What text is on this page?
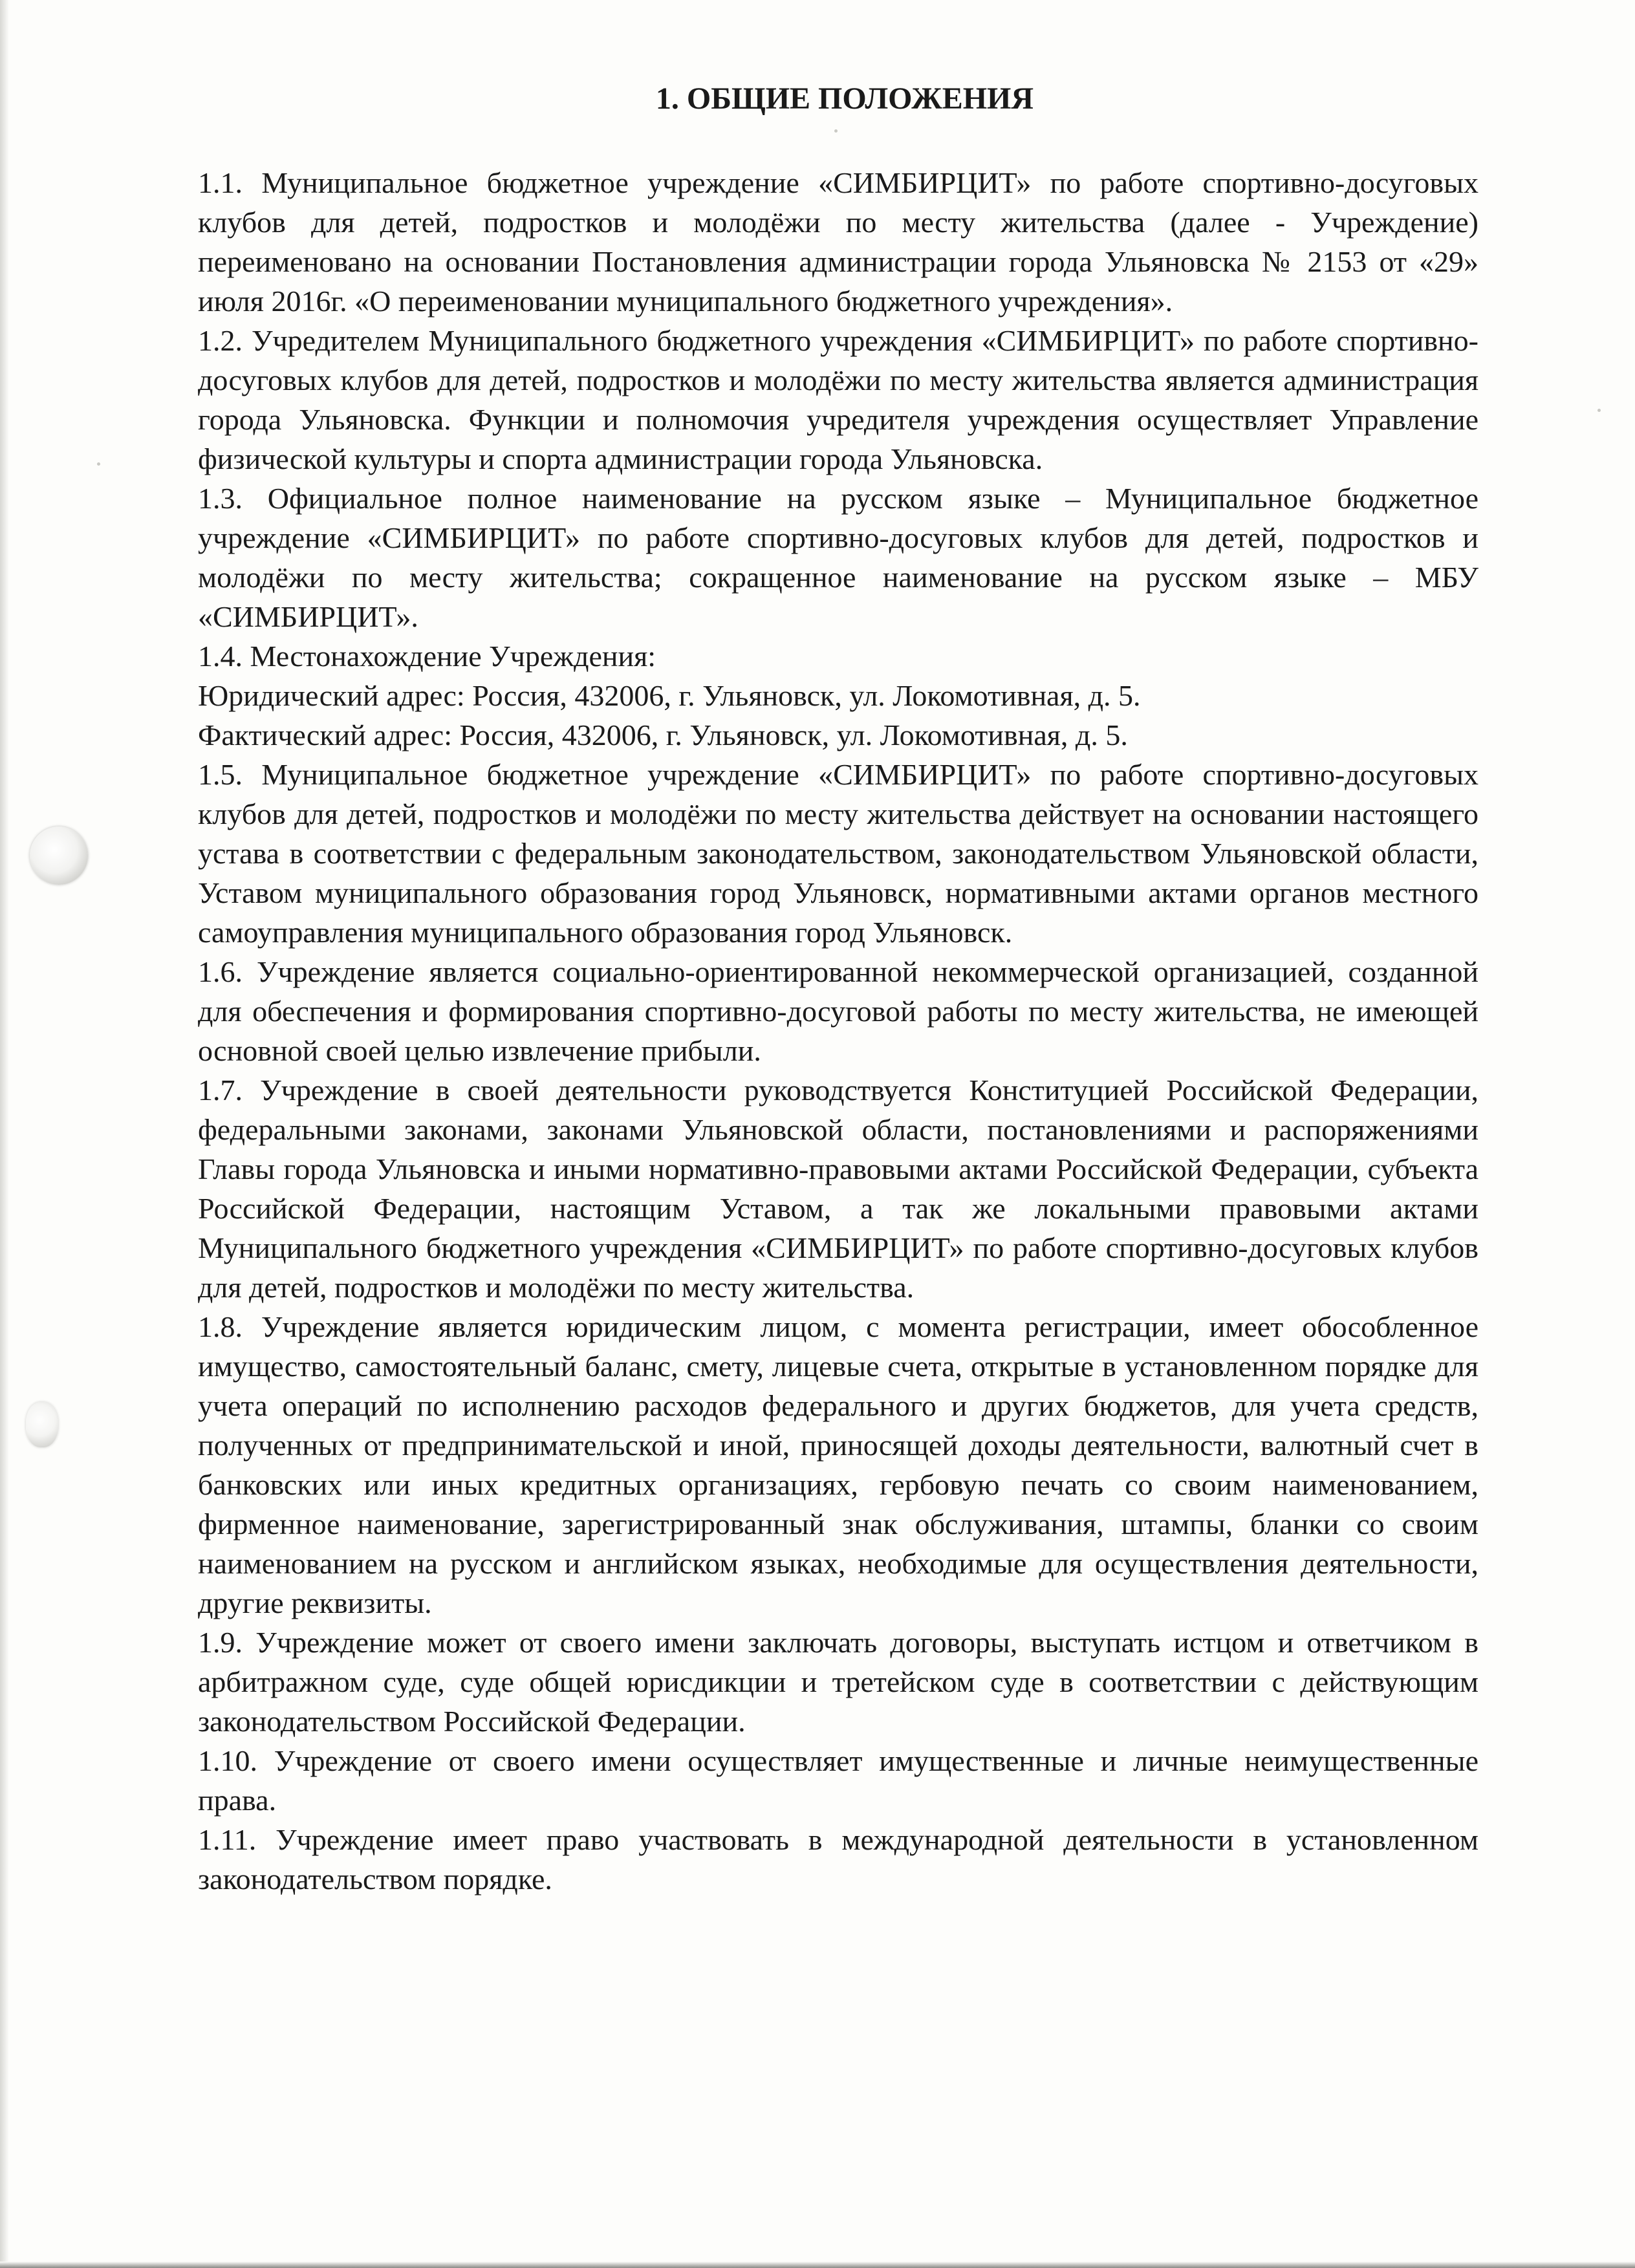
1. ОБЩИЕ ПОЛОЖЕНИЯ

1.1. Муниципальное бюджетное учреждение «СИМБИРЦИТ» по работе спортивно-досуговых клубов для детей, подростков и молодёжи по месту жительства (далее - Учреждение) переименовано на основании Постановления администрации города Ульяновска № 2153 от «29» июля 2016г. «О переименовании муниципального бюджетного учреждения».

1.2. Учредителем Муниципального бюджетного учреждения «СИМБИРЦИТ» по работе спортивно-досуговых клубов для детей, подростков и молодёжи по месту жительства является администрация города Ульяновска. Функции и полномочия учредителя учреждения осуществляет Управление физической культуры и спорта администрации города Ульяновска.

1.3. Официальное полное наименование на русском языке – Муниципальное бюджетное учреждение «СИМБИРЦИТ» по работе спортивно-досуговых клубов для детей, подростков и молодёжи по месту жительства; сокращенное наименование на русском языке – МБУ «СИМБИРЦИТ».

1.4. Местонахождение Учреждения:

Юридический адрес: Россия, 432006, г. Ульяновск, ул. Локомотивная, д. 5.

Фактический адрес: Россия, 432006, г. Ульяновск, ул. Локомотивная, д. 5.

1.5. Муниципальное бюджетное учреждение «СИМБИРЦИТ» по работе спортивно-досуговых клубов для детей, подростков и молодёжи по месту жительства действует на основании настоящего устава в соответствии с федеральным законодательством, законодательством Ульяновской области, Уставом муниципального образования город Ульяновск, нормативными актами органов местного самоуправления муниципального образования город Ульяновск.

1.6. Учреждение является социально-ориентированной некоммерческой организацией, созданной для обеспечения и формирования спортивно-досуговой работы по месту жительства, не имеющей основной своей целью извлечение прибыли.

1.7. Учреждение в своей деятельности руководствуется Конституцией Российской Федерации, федеральными законами, законами Ульяновской области, постановлениями и распоряжениями Главы города Ульяновска и иными нормативно-правовыми актами Российской Федерации, субъекта Российской Федерации, настоящим Уставом, а так же локальными правовыми актами Муниципального бюджетного учреждения «СИМБИРЦИТ» по работе спортивно-досуговых клубов для детей, подростков и молодёжи по месту жительства.

1.8. Учреждение является юридическим лицом, с момента регистрации, имеет обособленное имущество, самостоятельный баланс, смету, лицевые счета, открытые в установленном порядке для учета операций по исполнению расходов федерального и других бюджетов, для учета средств, полученных от предпринимательской и иной, приносящей доходы деятельности, валютный счет в банковских или иных кредитных организациях, гербовую печать со своим наименованием, фирменное наименование, зарегистрированный знак обслуживания, штампы, бланки со своим наименованием на русском и английском языках, необходимые для осуществления деятельности, другие реквизиты.

1.9. Учреждение может от своего имени заключать договоры, выступать истцом и ответчиком в арбитражном суде, суде общей юрисдикции и третейском суде в соответствии с действующим законодательством Российской Федерации.

1.10. Учреждение от своего имени осуществляет имущественные и личные неимущественные права.

1.11. Учреждение имеет право участвовать в международной деятельности в установленном законодательством порядке.
